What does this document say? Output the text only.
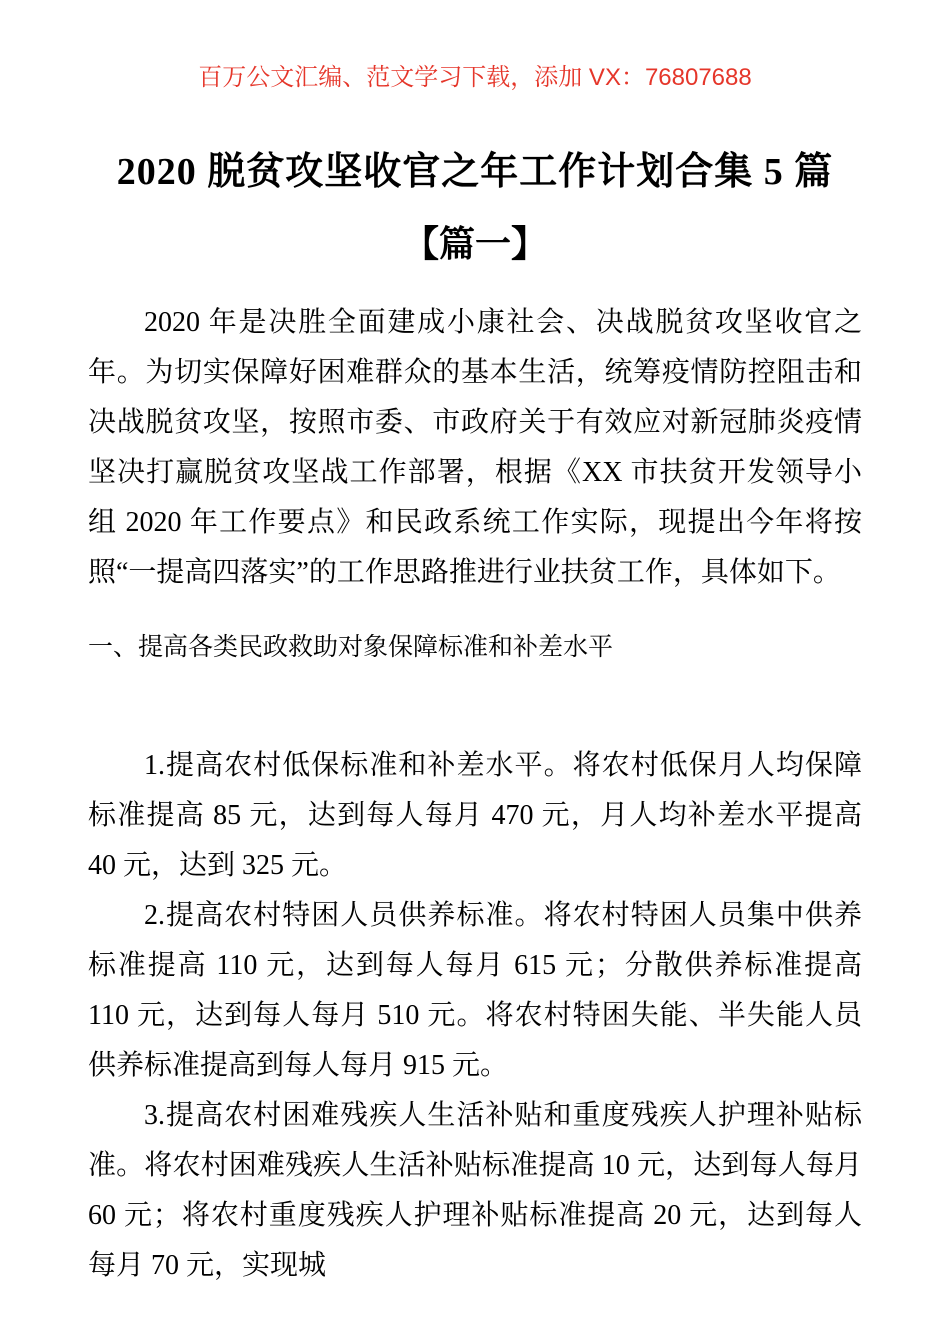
百万公文汇编、范文学习下载，添加 VX：76807688
2020 脱贫攻坚收官之年工作计划合集 5 篇
【篇一】

2020 年是决胜全面建成小康社会、决战脱贫攻坚收官之年。为切实保障好困难群众的基本生活，统筹疫情防控阻击和决战脱贫攻坚，按照市委、市政府关于有效应对新冠肺炎疫情坚决打赢脱贫攻坚战工作部署，根据《XX 市扶贫开发领导小组 2020 年工作要点》和民政系统工作实际，现提出今年将按照“一提高四落实”的工作思路推进行业扶贫工作，具体如下。

一、提高各类民政救助对象保障标准和补差水平

1.提高农村低保标准和补差水平。将农村低保月人均保障标准提高 85 元，达到每人每月 470 元，月人均补差水平提高 40 元，达到 325 元。

2.提高农村特困人员供养标准。将农村特困人员集中供养标准提高 110 元，达到每人每月 615 元；分散供养标准提高 110 元，达到每人每月 510 元。将农村特困失能、半失能人员供养标准提高到每人每月 915 元。

3.提高农村困难残疾人生活补贴和重度残疾人护理补贴标准。将农村困难残疾人生活补贴标准提高 10 元，达到每人每月 60 元；将农村重度残疾人护理补贴标准提高 20 元，达到每人每月 70 元，实现城
